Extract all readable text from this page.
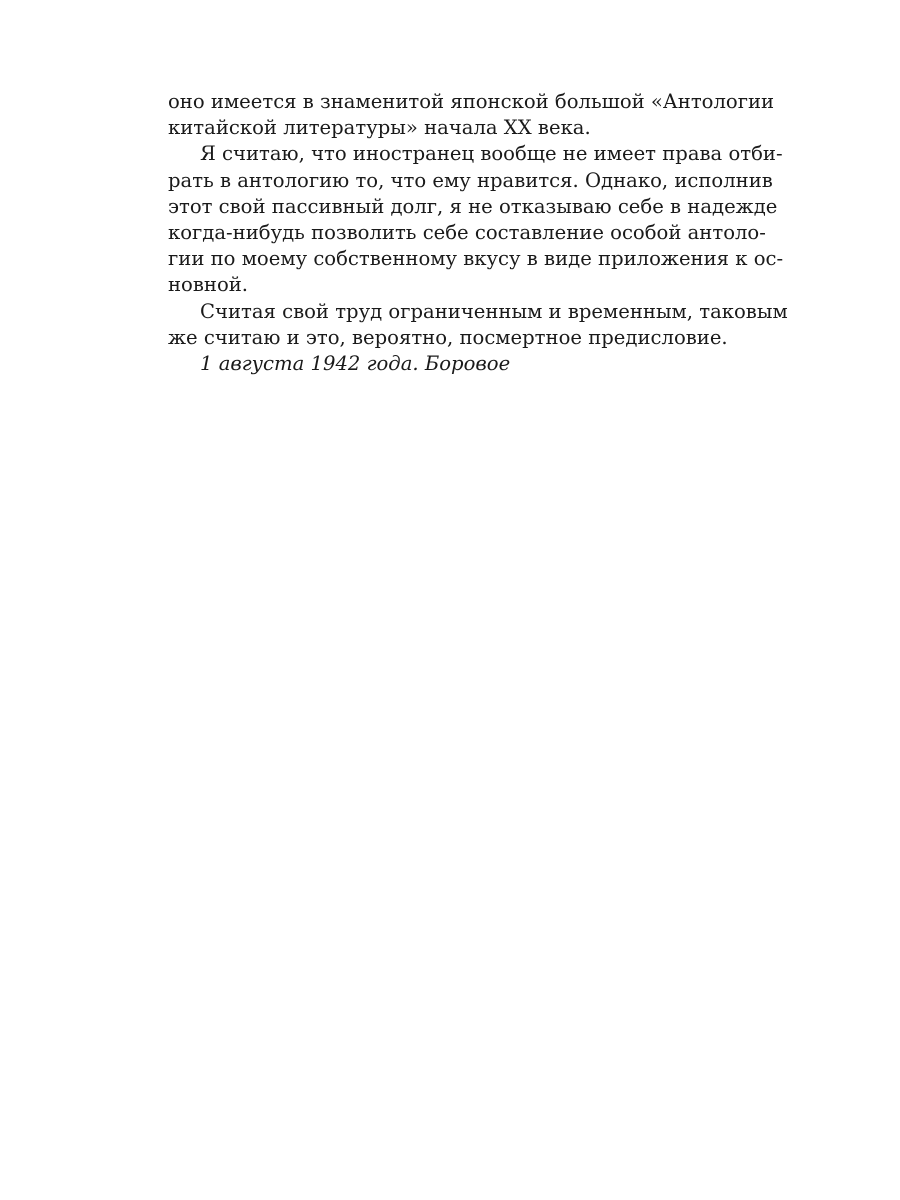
оно имеется в знаменитой японской большой «Антологии
китайской литературы» начала XX века.

Я считаю, что иностранец вообще не имеет права отби-
рать в антологию то, что ему нравится. Однако, исполнив
этот свой пассивный долг, я не отказываю себе в надежде
когда-нибудь позволить себе составление особой антоло-
гии по моему собственному вкусу в виде приложения к ос-
новной.

Считая свой труд ограниченным и временным, таковым
же считаю и это, вероятно, посмертное предисловие.

1 августа 1942 года. Боровое
